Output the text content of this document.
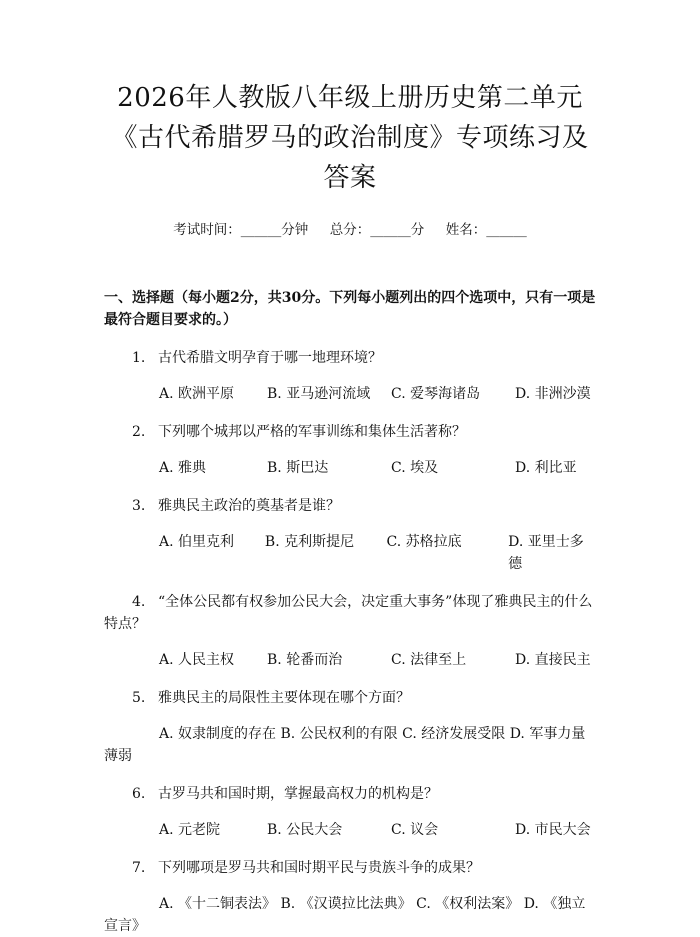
2026年人教版八年级上册历史第二单元《古代希腊罗马的政治制度》专项练习及答案
考试时间：______分钟     总分：______分     姓名：______
一、选择题（每小题2分，共30分。下列每小题列出的四个选项中，只有一项是最符合题目要求的。）
1. 古代希腊文明孕育于哪一地理环境？
A. 欧洲平原	B. 亚马逊河流域	C. 爱琴海诸岛	D. 非洲沙漠
2. 下列哪个城邦以严格的军事训练和集体生活著称？
A. 雅典	B. 斯巴达	C. 埃及	D. 利比亚
3. 雅典民主政治的奠基者是谁？
A. 伯里克利	B. 克利斯提尼	C. 苏格拉底	D. 亚里士多德
4. “全体公民都有权参加公民大会，决定重大事务”体现了雅典民主的什么特点？
A. 人民主权	B. 轮番而治	C. 法律至上	D. 直接民主
5. 雅典民主的局限性主要体现在哪个方面？
A. 奴隶制度的存在 B. 公民权利的有限 C. 经济发展受限 D. 军事力量薄弱
6. 古罗马共和国时期，掌握最高权力的机构是？
A. 元老院	B. 公民大会	C. 议会	D. 市民大会
7. 下列哪项是罗马共和国时期平民与贵族斗争的成果？
A. 《十二铜表法》 B. 《汉谟拉比法典》 C. 《权利法案》 D. 《独立宣言》
